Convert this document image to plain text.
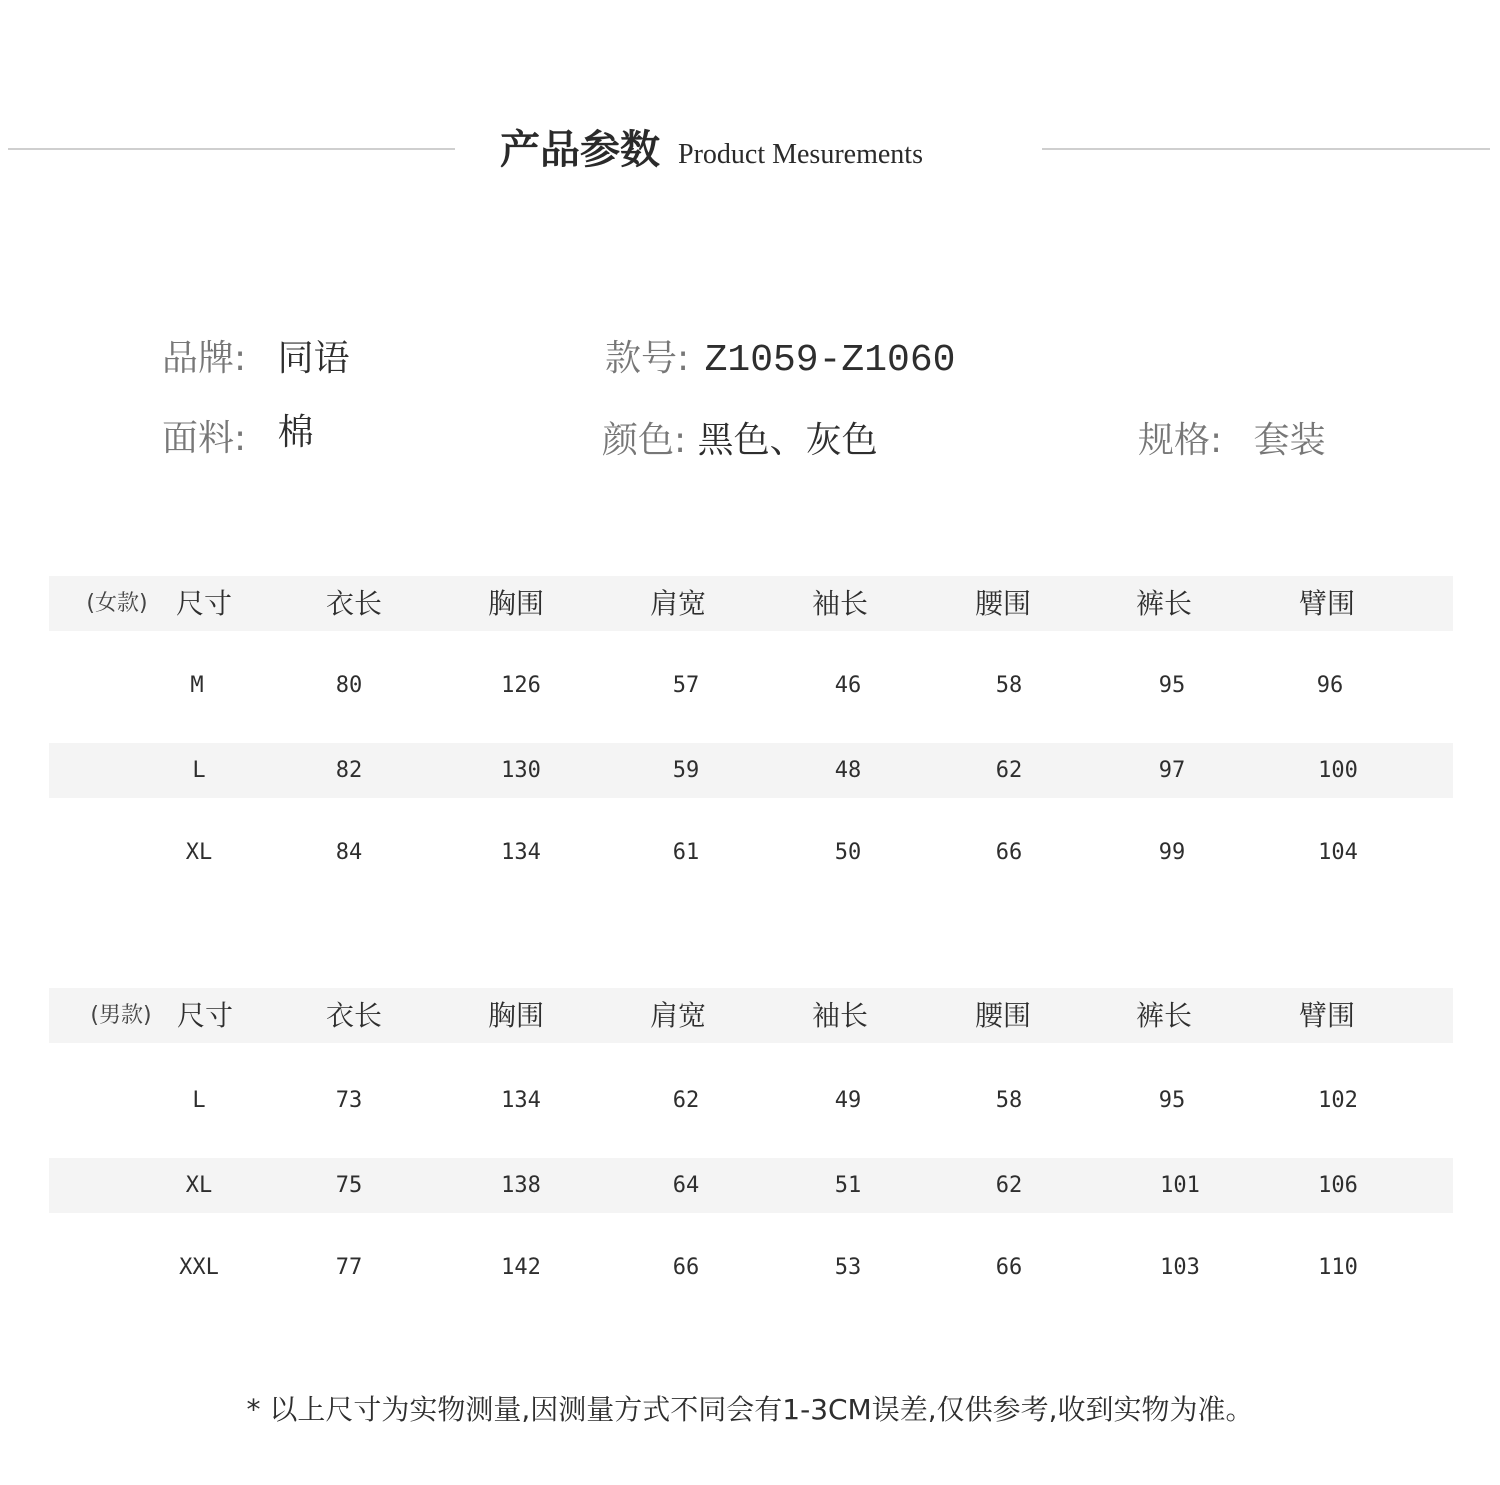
产品参数 Product Mesurements
品牌: 同语	款号: Z1059-Z1060
面料: 棉	颜色: 黑色、灰色	规格: 套装
(女款)	尺寸	衣长	胸围	肩宽	袖长	腰围	裤长	臂围
M	80	126	57	46	58	95	96
L	82	130	59	48	62	97	100
XL	84	134	61	50	66	99	104
(男款) 尺寸	衣长	胸围	肩宽	袖长	腰围	裤长	臂围
L	73	134	62	49	58	95	102
XL	75	138	64	51	62	101	106
XXL	77	142	66	53	66	103	110
* 以上尺寸为实物测量,因测量方式不同会有1-3CM误差,仅供参考,收到实物为准。
